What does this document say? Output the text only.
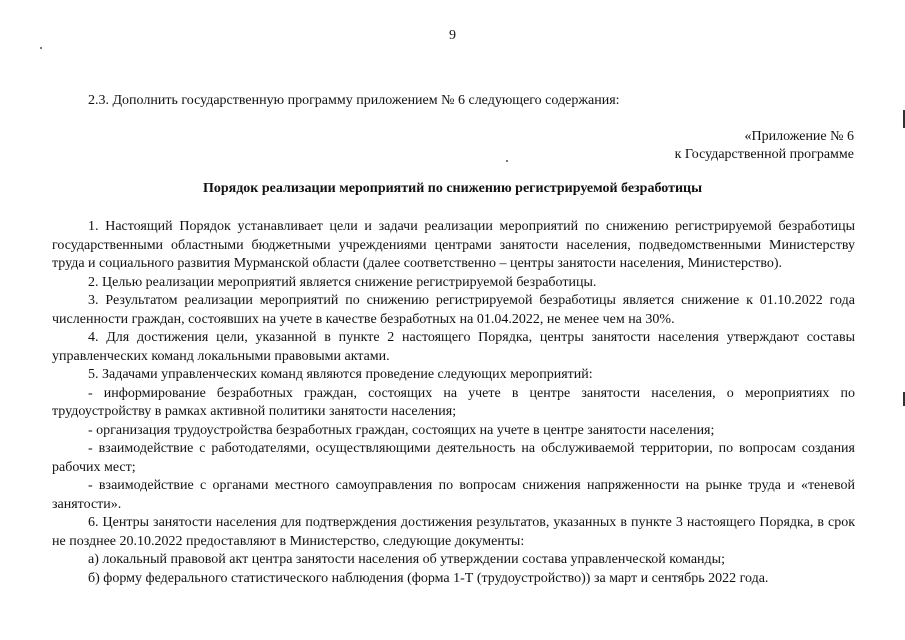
9
2.3. Дополнить государственную программу приложением № 6 следующего содержания:
«Приложение № 6
к Государственной программе
Порядок реализации мероприятий по снижению регистрируемой безработицы

1. Настоящий Порядок устанавливает цели и задачи реализации мероприятий по снижению регистрируемой безработицы государственными областными бюджетными учреждениями центрами занятости населения, подведомственными Министерству труда и социального развития Мурманской области (далее соответственно – центры занятости населения, Министерство).

2. Целью реализации мероприятий является снижение регистрируемой безработицы.

3. Результатом реализации мероприятий по снижению регистрируемой безработицы является снижение к 01.10.2022 года численности граждан, состоявших на учете в качестве безработных на 01.04.2022, не менее чем на 30%.

4. Для достижения цели, указанной в пункте 2 настоящего Порядка, центры занятости населения утверждают составы управленческих команд локальными правовыми актами.

5. Задачами управленческих команд являются проведение следующих мероприятий:

- информирование безработных граждан, состоящих на учете в центре занятости населения, о мероприятиях по трудоустройству в рамках активной политики занятости населения;

- организация трудоустройства безработных граждан, состоящих на учете в центре занятости населения;

- взаимодействие с работодателями, осуществляющими деятельность на обслуживаемой территории, по вопросам создания рабочих мест;

- взаимодействие с органами местного самоуправления по вопросам снижения напряженности на рынке труда и «теневой занятости».

6. Центры занятости населения для подтверждения достижения результатов, указанных в пункте 3 настоящего Порядка, в срок не позднее 20.10.2022 предоставляют в Министерство, следующие документы:

а) локальный правовой акт центра занятости населения об утверждении состава управленческой команды;

б) форму федерального статистического наблюдения (форма 1-Т (трудоустройство)) за март и сентябрь 2022 года.
